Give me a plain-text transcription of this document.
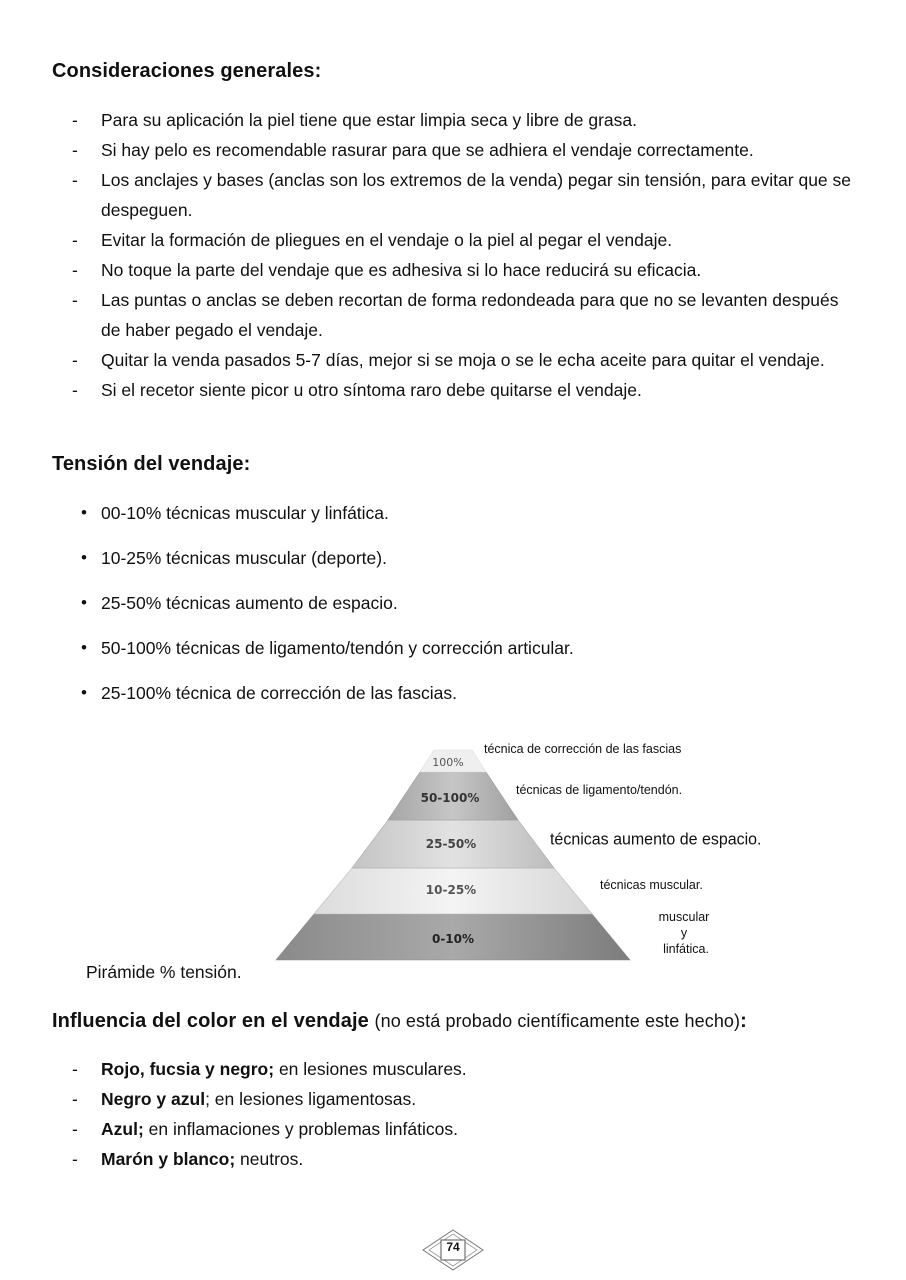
Consideraciones generales:
- Para su aplicación la piel tiene que estar limpia seca y libre de grasa.
- Si hay pelo es recomendable rasurar para que se adhiera el vendaje correctamente.
- Los anclajes y bases (anclas son los extremos de la venda) pegar sin tensión, para evitar que se despeguen.
- Evitar la formación de pliegues en el vendaje o la piel al pegar el vendaje.
- No toque la parte del vendaje que es adhesiva si lo hace reducirá su eficacia.
- Las puntas o anclas se deben recortan de forma redondeada para que no se levanten después de haber pegado el vendaje.
- Quitar la venda pasados 5-7 días, mejor si se moja o se le echa aceite para quitar el vendaje.
- Si el recetor siente picor u otro síntoma raro debe quitarse el vendaje.
Tensión del vendaje:
• 00-10% técnicas muscular y linfática.
• 10-25% técnicas muscular (deporte).
• 25-50% técnicas aumento de espacio.
• 50-100% técnicas de ligamento/tendón y corrección articular.
• 25-100% técnica de corrección de las fascias.
100%
50-100%
25-50%
10-25%
0-10%
técnica de corrección de las fascias
técnicas de ligamento/tendón.
técnicas aumento de espacio.
técnicas muscular.
muscular
y
linfática.
Pirámide % tensión.
Influencia del color en el vendaje (no está probado científicamente este hecho):
- Rojo, fucsia y negro; en lesiones musculares.
- Negro y azul; en lesiones ligamentosas.
- Azul; en inflamaciones y problemas linfáticos.
- Marón y blanco; neutros.
74
